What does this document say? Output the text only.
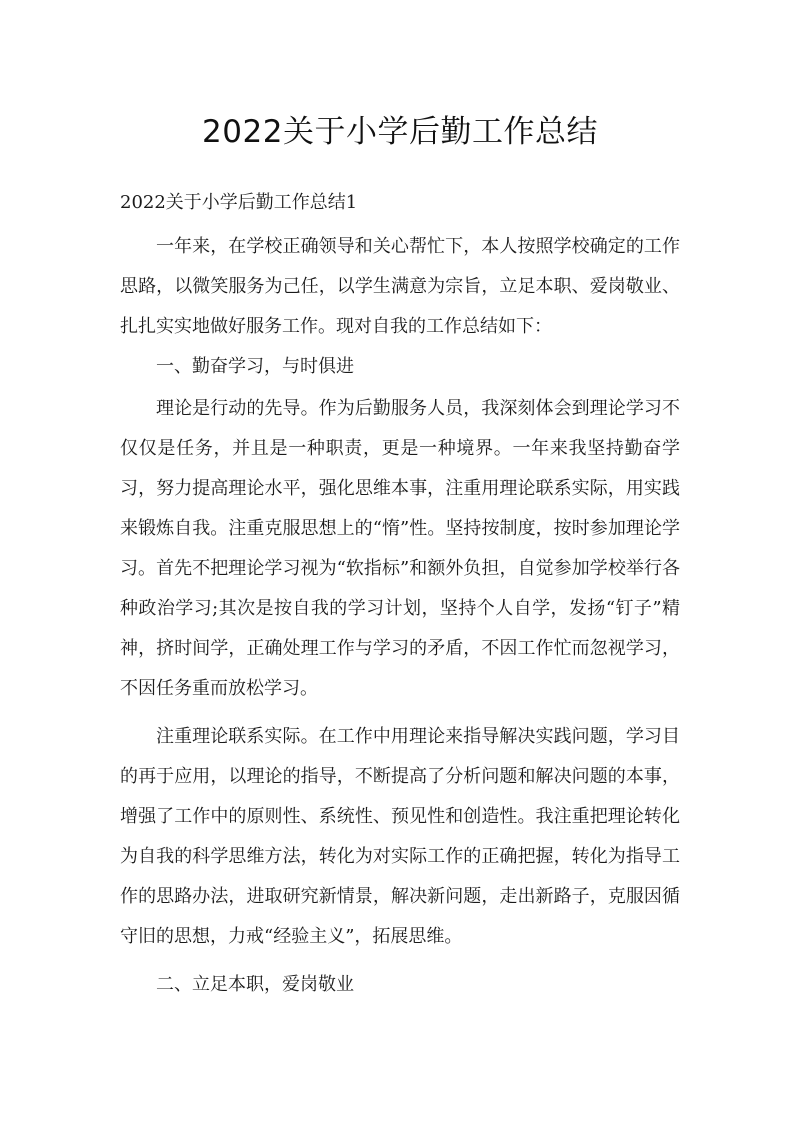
2022关于小学后勤工作总结
2022关于小学后勤工作总结1

一年来，在学校正确领导和关心帮忙下，本人按照学校确定的工作思路，以微笑服务为己任，以学生满意为宗旨，立足本职、爱岗敬业、扎扎实实地做好服务工作。现对自我的工作总结如下：

一、勤奋学习，与时俱进

理论是行动的先导。作为后勤服务人员，我深刻体会到理论学习不仅仅是任务，并且是一种职责，更是一种境界。一年来我坚持勤奋学习，努力提高理论水平，强化思维本事，注重用理论联系实际，用实践来锻炼自我。注重克服思想上的“惰”性。坚持按制度，按时参加理论学习。首先不把理论学习视为“软指标”和额外负担，自觉参加学校举行各种政治学习;其次是按自我的学习计划，坚持个人自学，发扬“钉子”精神，挤时间学，正确处理工作与学习的矛盾，不因工作忙而忽视学习，不因任务重而放松学习。

注重理论联系实际。在工作中用理论来指导解决实践问题，学习目的再于应用，以理论的指导，不断提高了分析问题和解决问题的本事，增强了工作中的原则性、系统性、预见性和创造性。我注重把理论转化为自我的科学思维方法，转化为对实际工作的正确把握，转化为指导工作的思路办法，进取研究新情景，解决新问题，走出新路子，克服因循守旧的思想，力戒“经验主义”，拓展思维。

二、立足本职，爱岗敬业
